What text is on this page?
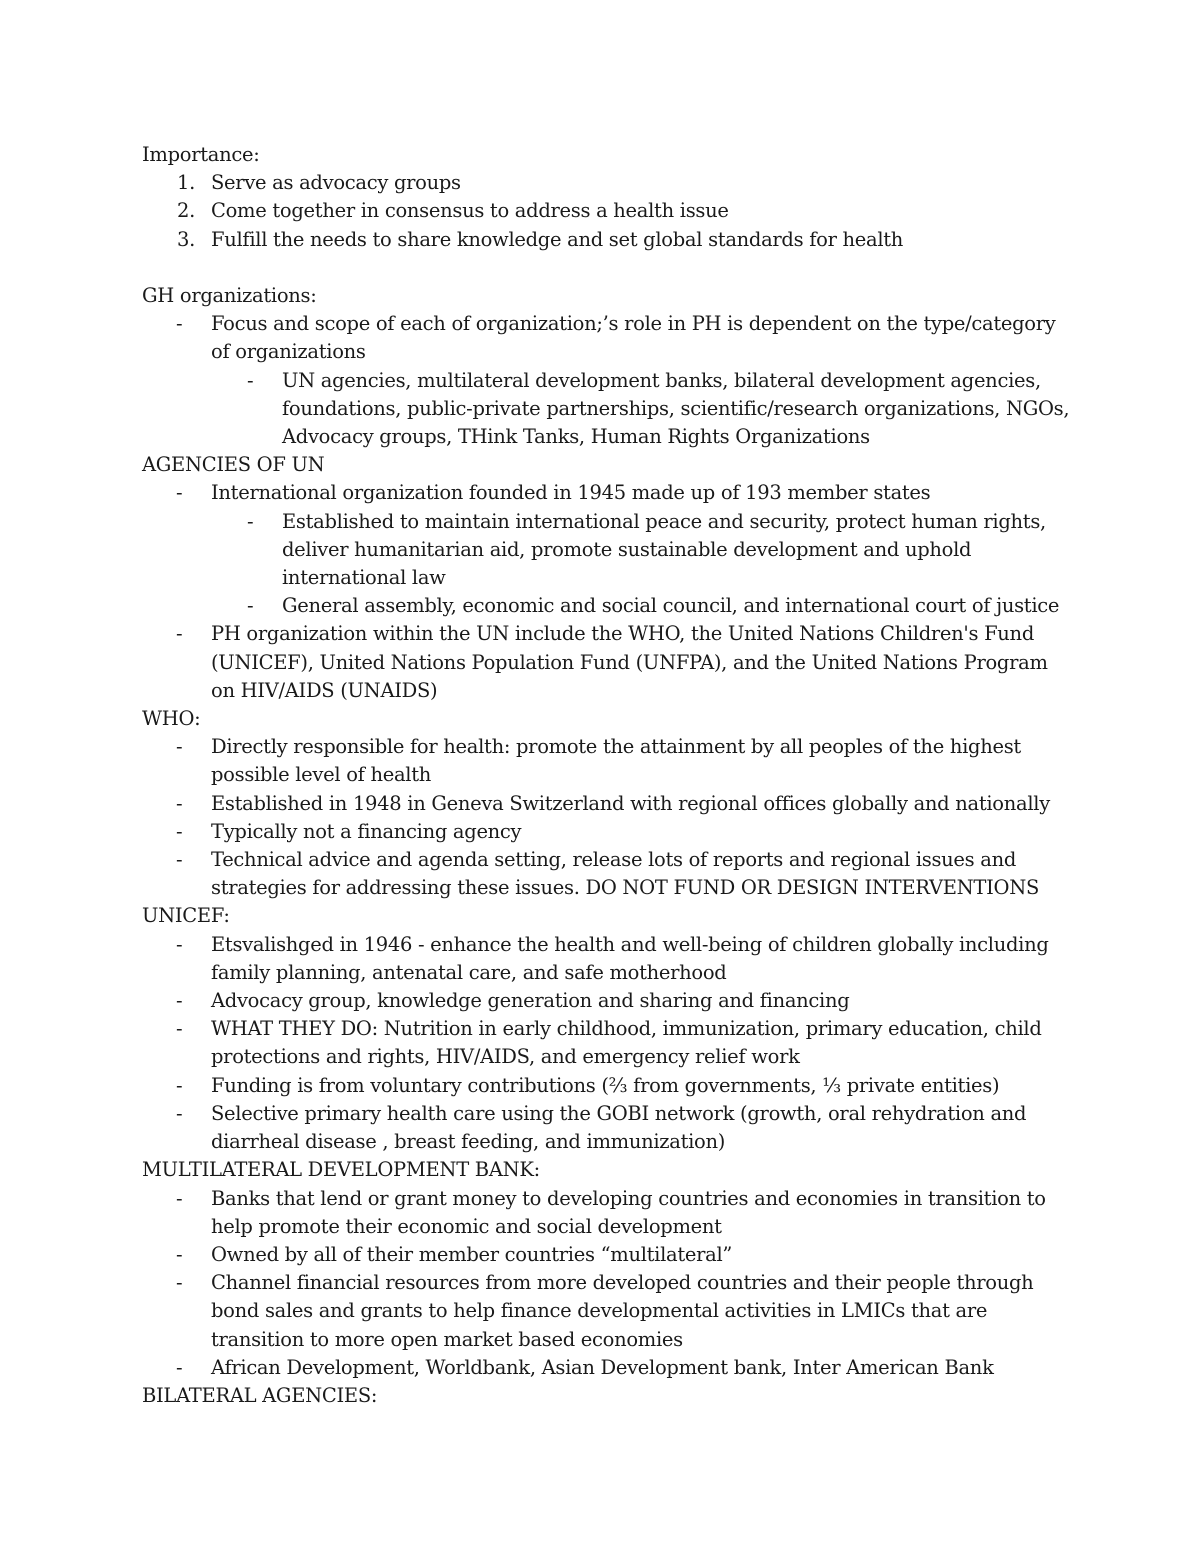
Importance:

1. Serve as advocacy groups
2. Come together in consensus to address a health issue
3. Fulfill the needs to share knowledge and set global standards for health

GH organizations:

- Focus and scope of each of organization;’s role in PH is dependent on the type/category of organizations
- UN agencies, multilateral development banks, bilateral development agencies, foundations, public-private partnerships, scientific/research organizations, NGOs, Advocacy groups, THink Tanks, Human Rights Organizations

AGENCIES OF UN

- International organization founded in 1945 made up of 193 member states
- Established to maintain international peace and security, protect human rights, deliver humanitarian aid, promote sustainable development and uphold international law
- General assembly, economic and social council, and international court of justice
- PH organization within the UN include the WHO, the United Nations Children's Fund (UNICEF), United Nations Population Fund (UNFPA), and the United Nations Program on HIV/AIDS (UNAIDS)

WHO:

- Directly responsible for health: promote the attainment by all peoples of the highest possible level of health
- Established in 1948 in Geneva Switzerland with regional offices globally and nationally
- Typically not a financing agency
- Technical advice and agenda setting, release lots of reports and regional issues and strategies for addressing these issues. DO NOT FUND OR DESIGN INTERVENTIONS

UNICEF:

- Etsvalishged in 1946 - enhance the health and well-being of children globally including family planning, antenatal care, and safe motherhood
- Advocacy group, knowledge generation and sharing and financing
- WHAT THEY DO: Nutrition in early childhood, immunization, primary education, child protections and rights, HIV/AIDS, and emergency relief work
- Funding is from voluntary contributions (⅔ from governments, ⅓ private entities)
- Selective primary health care using the GOBI network (growth, oral rehydration and diarrheal disease , breast feeding, and immunization)

MULTILATERAL DEVELOPMENT BANK:

- Banks that lend or grant money to developing countries and economies in transition to help promote their economic and social development
- Owned by all of their member countries “multilateral”
- Channel financial resources from more developed countries and their people through bond sales and grants to help finance developmental activities in LMICs that are transition to more open market based economies
- African Development, Worldbank, Asian Development bank, Inter American Bank

BILATERAL AGENCIES:
